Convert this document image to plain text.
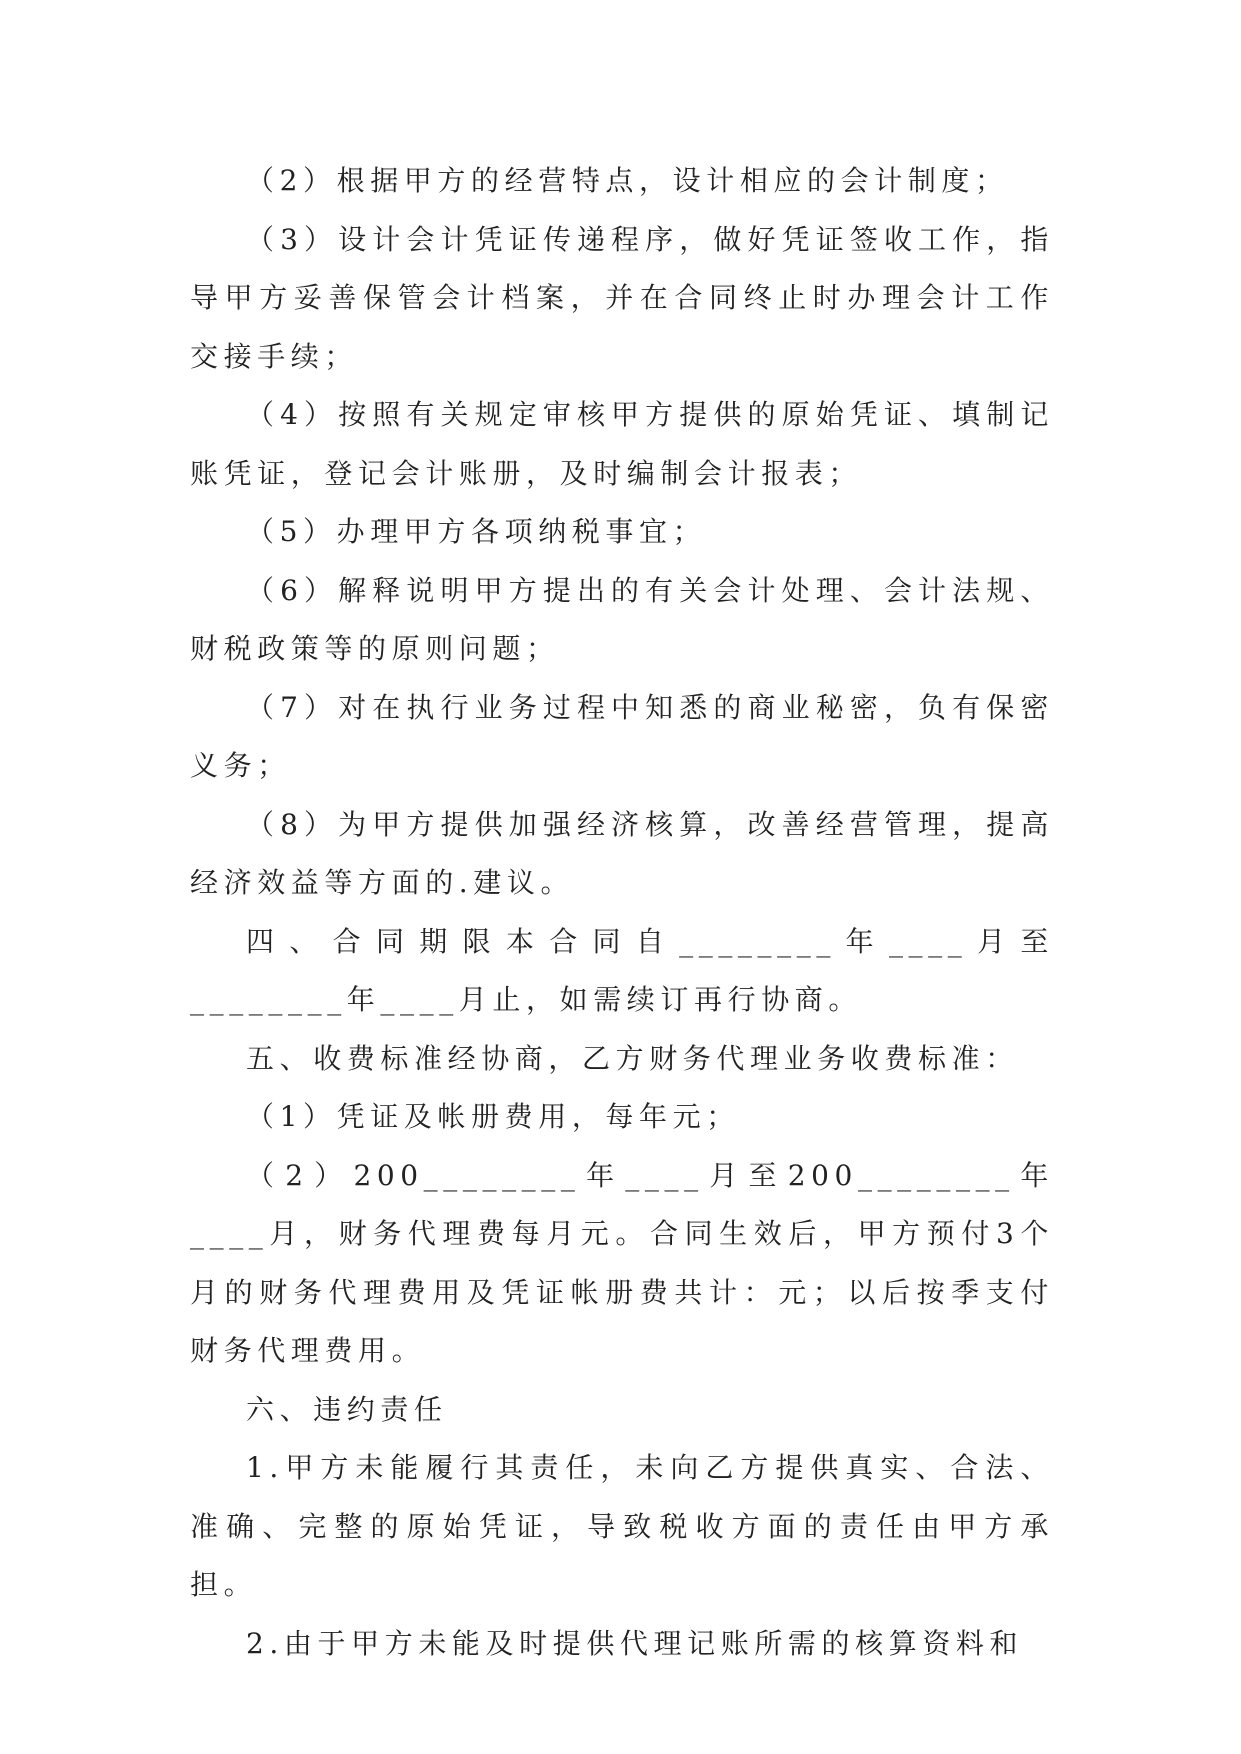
（2）根据甲方的经营特点，设计相应的会计制度；

（3）设计会计凭证传递程序，做好凭证签收工作，指导甲方妥善保管会计档案，并在合同终止时办理会计工作交接手续；

（4）按照有关规定审核甲方提供的原始凭证、填制记账凭证，登记会计账册，及时编制会计报表；

（5）办理甲方各项纳税事宜；

（6）解释说明甲方提出的有关会计处理、会计法规、财税政策等的原则问题；

（7）对在执行业务过程中知悉的商业秘密，负有保密义务；

（8）为甲方提供加强经济核算，改善经营管理，提高经济效益等方面的.建议。

四、合同期限本合同自________年____月至________年____月止，如需续订再行协商。

五、收费标准经协商，乙方财务代理业务收费标准：

（1）凭证及帐册费用，每年元；

（2）200________年____月至200________年____月，财务代理费每月元。合同生效后，甲方预付3个月的财务代理费用及凭证帐册费共计：元；以后按季支付财务代理费用。

六、违约责任

1.甲方未能履行其责任，未向乙方提供真实、合法、准确、完整的原始凭证，导致税收方面的责任由甲方承担。

2.由于甲方未能及时提供代理记账所需的核算资料和
